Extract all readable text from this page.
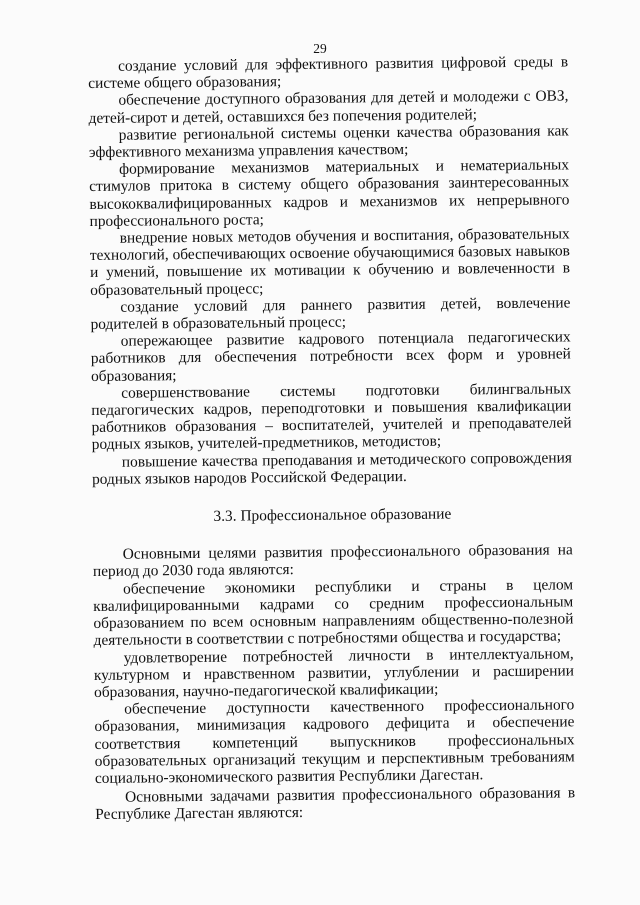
29

создание условий для эффективного развития цифровой среды в системе общего образования;

обеспечение доступного образования для детей и молодежи с ОВЗ, детей-сирот и детей, оставшихся без попечения родителей;

развитие региональной системы оценки качества образования как эффективного механизма управления качеством;

формирование механизмов материальных и нематериальных стимулов притока в систему общего образования заинтересованных высококвалифицированных кадров и механизмов их непрерывного профессионального роста;

внедрение новых методов обучения и воспитания, образовательных технологий, обеспечивающих освоение обучающимися базовых навыков и умений, повышение их мотивации к обучению и вовлеченности в образовательный процесс;

создание условий для раннего развития детей, вовлечение родителей в образовательный процесс;

опережающее развитие кадрового потенциала педагогических работников для обеспечения потребности всех форм и уровней образования;

совершенствование системы подготовки билингвальных педагогических кадров, переподготовки и повышения квалификации работников образования – воспитателей, учителей и преподавателей родных языков, учителей-предметников, методистов;

повышение качества преподавания и методического сопровождения родных языков народов Российской Федерации.

3.3. Профессиональное образование

Основными целями развития профессионального образования на период до 2030 года являются:

обеспечение экономики республики и страны в целом квалифицированными кадрами со средним профессиональным образованием по всем основным направлениям общественно-полезной деятельности в соответствии с потребностями общества и государства;

удовлетворение потребностей личности в интеллектуальном, культурном и нравственном развитии, углублении и расширении образования, научно-педагогической квалификации;

обеспечение доступности качественного профессионального образования, минимизация кадрового дефицита и обеспечение соответствия компетенций выпускников профессиональных образовательных организаций текущим и перспективным требованиям социально-экономического развития Республики Дагестан.

Основными задачами развития профессионального образования в Республике Дагестан являются:
